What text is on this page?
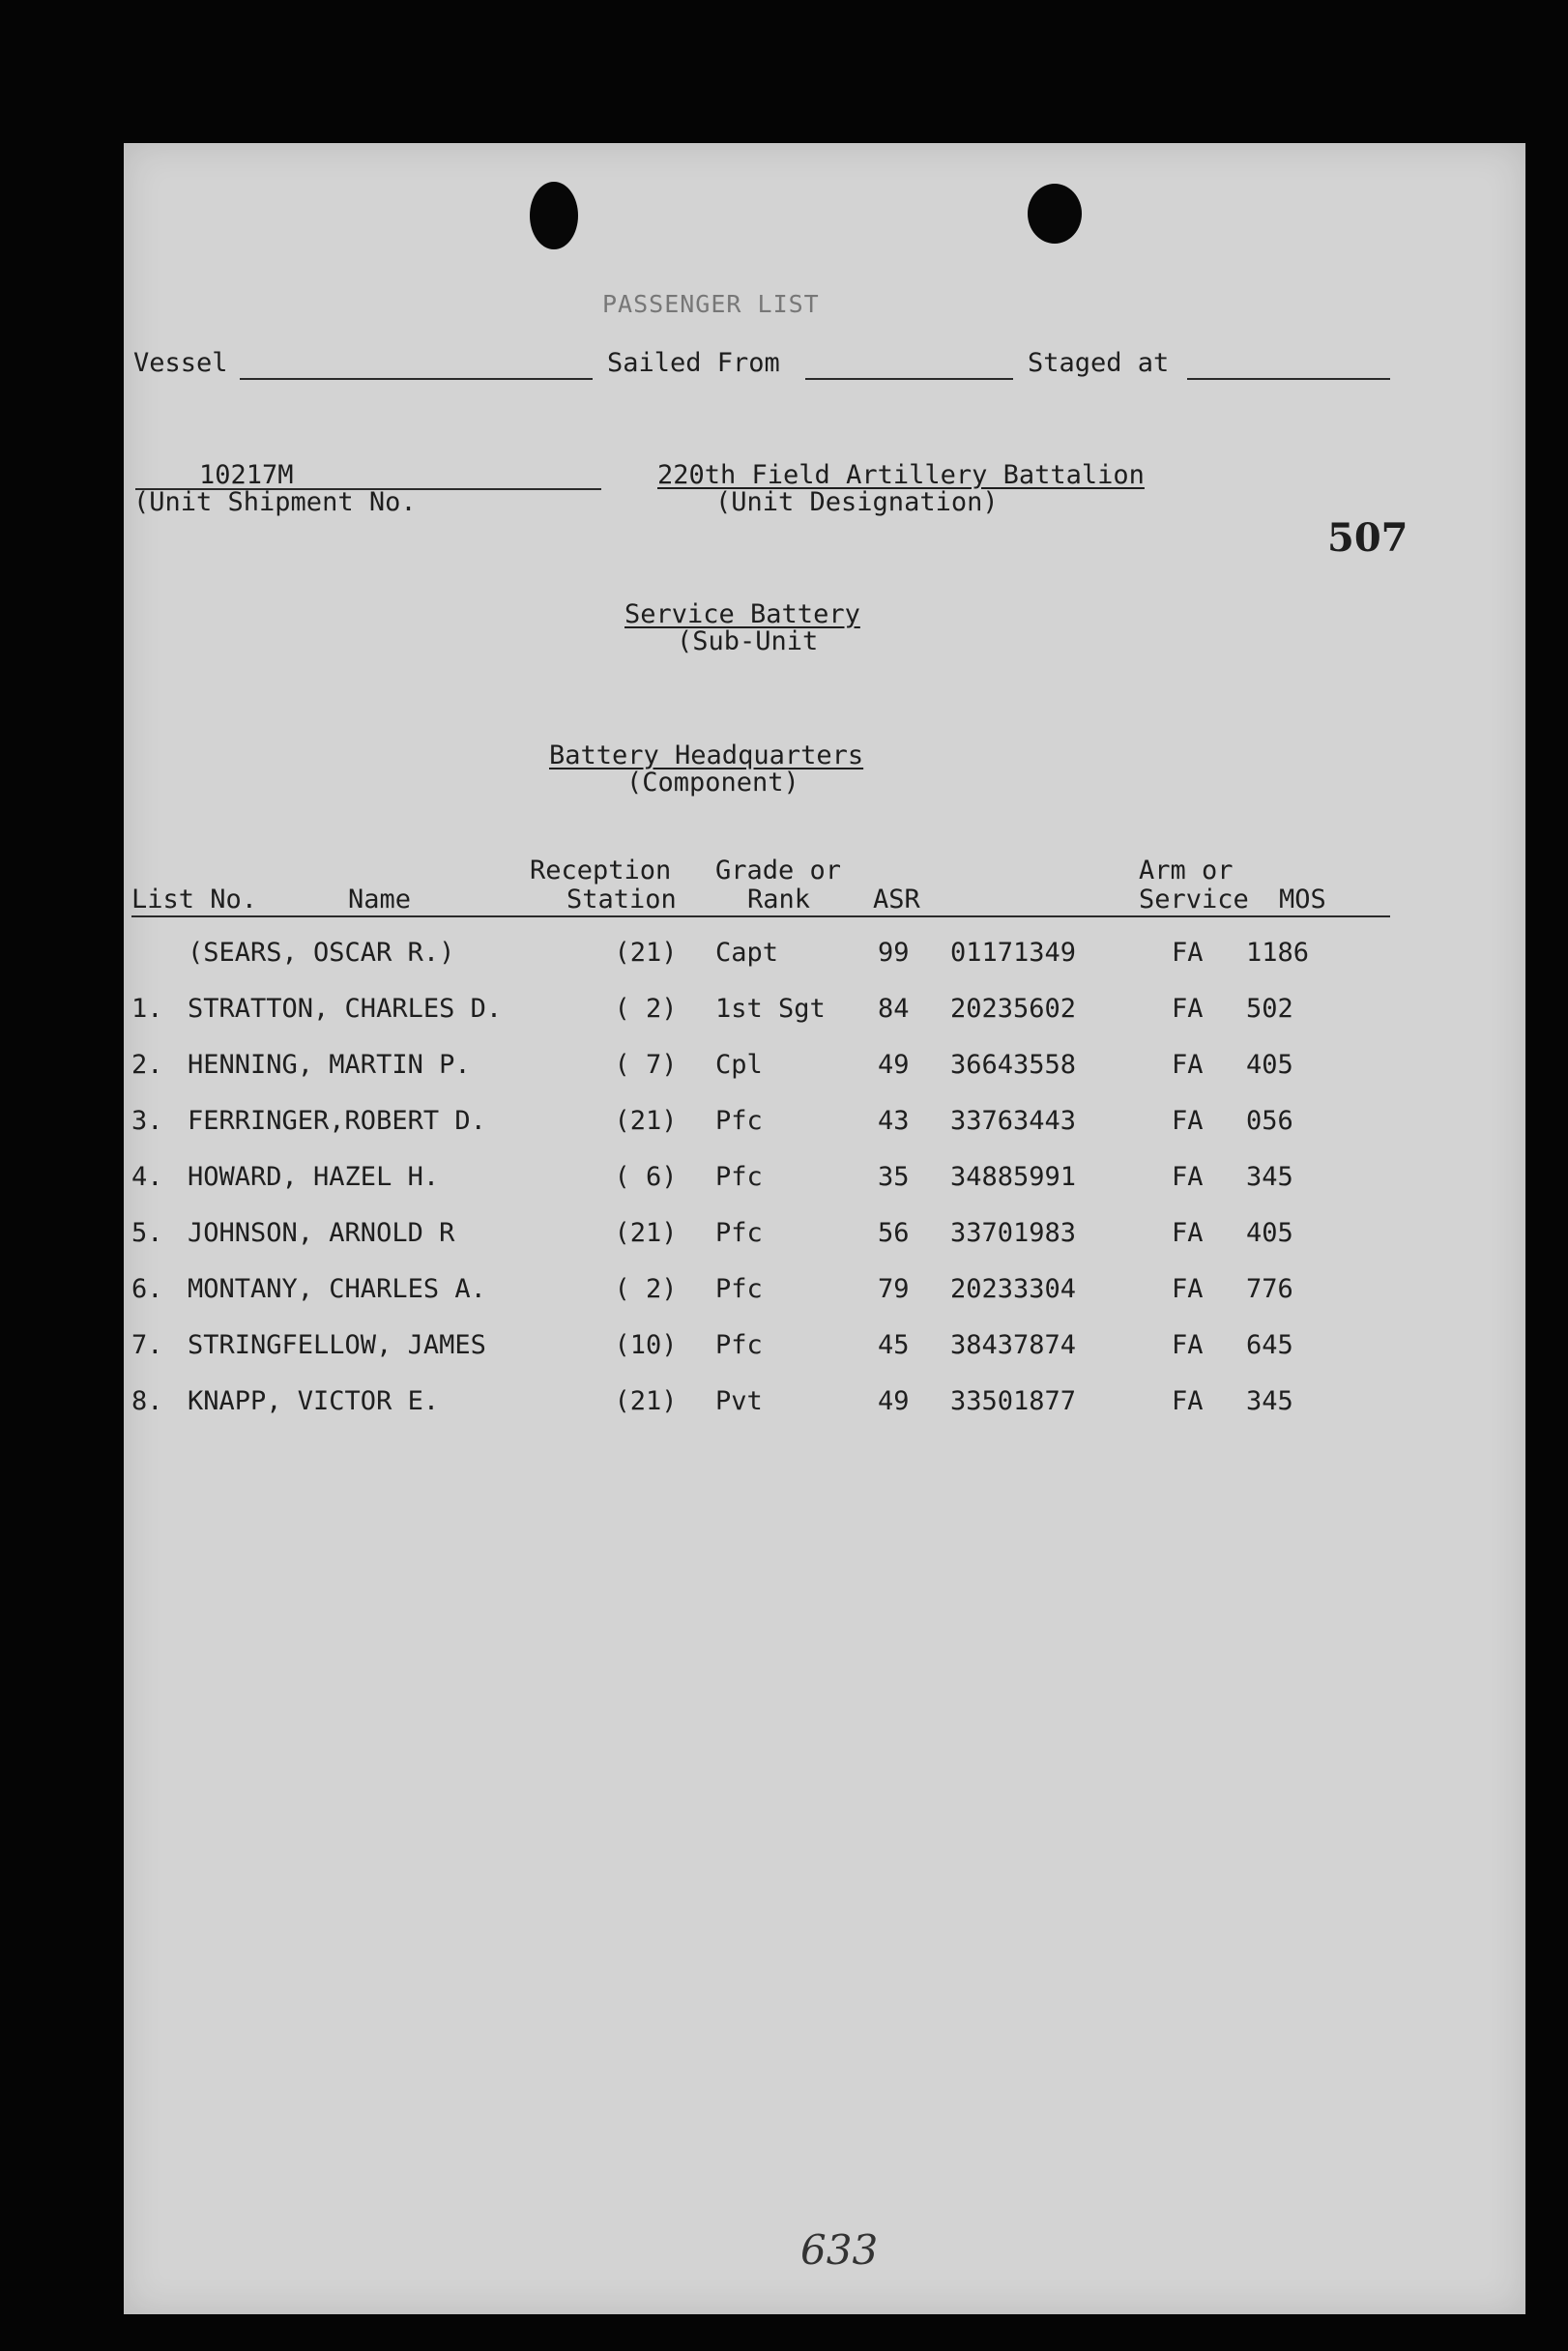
PASSENGER LIST
Vessel	Sailed From	Staged at
10217M
(Unit Shipment No.
220th Field Artillery Battalion
(Unit Designation)
507
Service Battery
(Sub-Unit
Battery Headquarters
(Component)
Reception Grade or	Arm or
List No.	Name	Station	Rank ASR	Service MOS
(SEARS, OSCAR R.)	(21)	Capt	99 01171349	FA 1186
1. STRATTON, CHARLES D.	( 2)	1st Sgt 84 20235602	FA 502
2. HENNING, MARTIN P.	( 7)	Cpl	49 36643558	FA 405
3. FERRINGER,ROBERT D.	(21)	Pfc	43 33763443	FA 056
4. HOWARD, HAZEL H.	( 6)	Pfc	35 34885991	FA 345
5. JOHNSON, ARNOLD R	(21)	Pfc	56 33701983	FA 405
6. MONTANY, CHARLES A.	( 2)	Pfc	79 20233304	FA 776
7. STRINGFELLOW, JAMES	(10)	Pfc	45 38437874	FA 645
8. KNAPP, VICTOR E.	(21)	Pvt	49 33501877	FA 345
633
